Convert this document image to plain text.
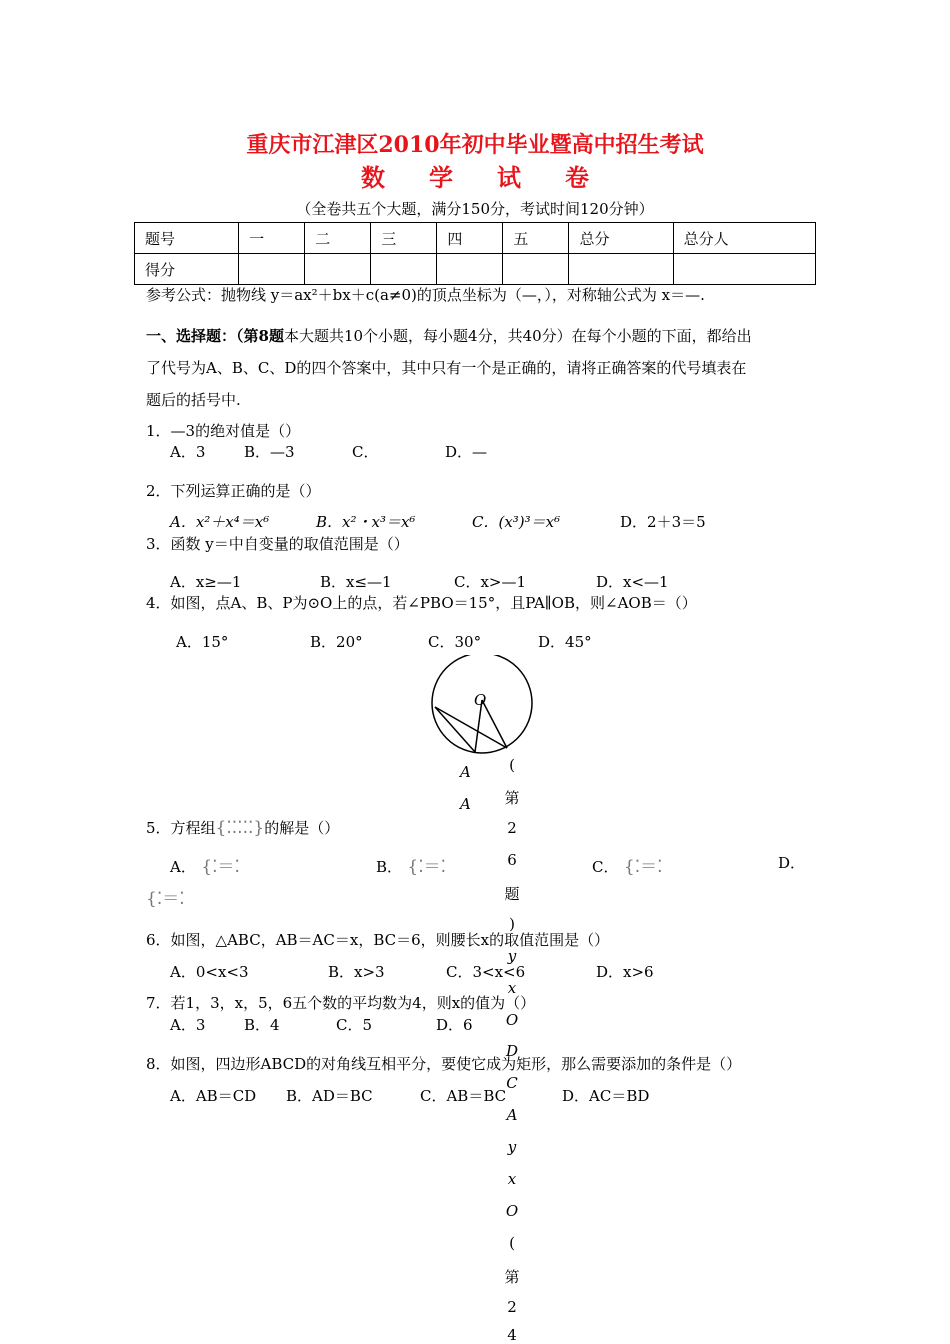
重庆市江津区2010年初中毕业暨高中招生考试
数 学 试 卷
（全卷共五个大题，满分150分，考试时间120分钟）
题号	一	二	三	四	五	总分	总分人
得分							
参考公式：抛物线 y＝ax²＋bx＋c(a≠0)的顶点坐标为（—，），对称轴公式为 x＝—.
一、选择题：（第8题本大题共10个小题，每小题4分，共40分）在每个小题的下面，都给出
了代号为A、B、C、D的四个答案中，其中只有一个是正确的，请将正确答案的代号填表在
题后的括号中.
1．—3的绝对值是（）
A．3	B．—3	C．	D．—
2．下列运算正确的是（）
A．x²＋x⁴＝x⁶	B．x²・x³＝x⁶	C．(x³)³＝x⁶	D．2＋3＝5
3．函数 y＝中自变量的取值范围是（）
A．x≥—1	B．x≤—1	C．x>—1	D．x<—1
4．如图，点A、B、P为⊙O上的点，若∠PBO＝15°，且PA∥OB，则∠AOB＝（）
A．15°	B．20°	C．30°	D．45°
O
A
A
5．方程组{⁚⁚⁚⁚⁚}的解是（）
A． {⁚＝⁚	B． {⁚＝⁚	C． {⁚＝⁚	D．
{⁚＝⁚
6．如图，△ABC，AB＝AC＝x，BC＝6，则腰长x的取值范围是（）
A．0<x<3	B．x>3	C．3<x<6	D．x>6
7．若1，3，x，5，6五个数的平均数为4，则x的值为（）
A．3	B．4	C．5	D．6
8．如图，四边形ABCD的对角线互相平分，要使它成为矩形，那么需要添加的条件是（）
A．AB＝CD B．AD＝BC	C．AB＝BC	D．AC＝BD
(
第
2
6
题
)
y
x
O
D
C
A
y
x
O
(
第
2
4
